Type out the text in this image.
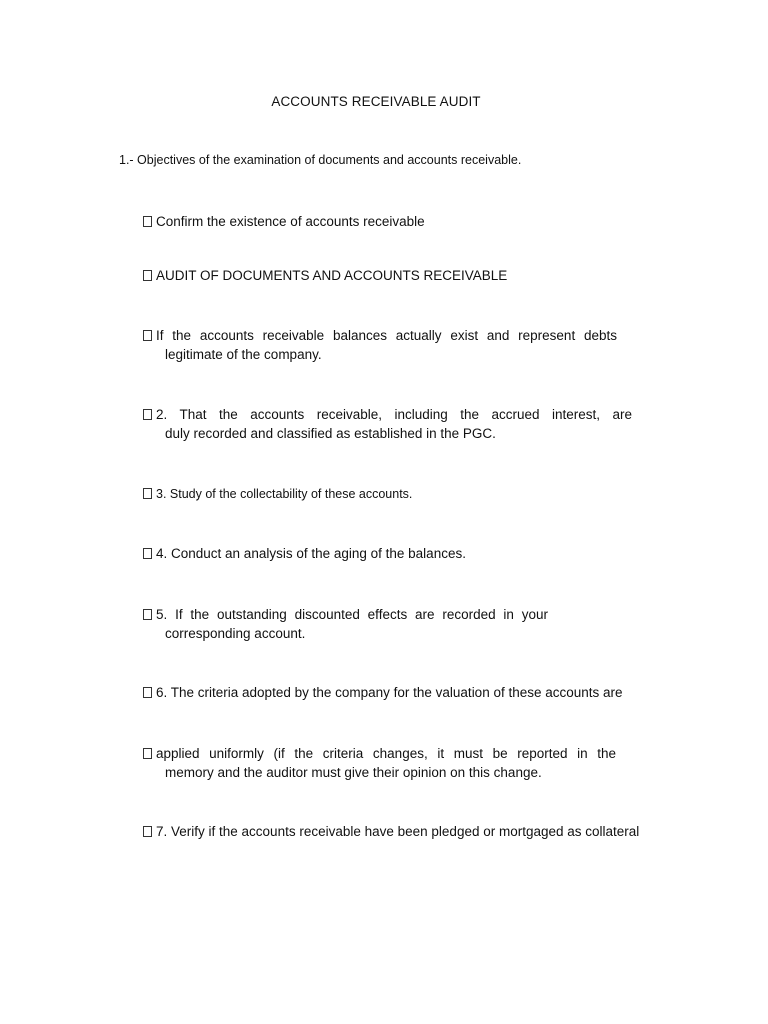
ACCOUNTS RECEIVABLE AUDIT
1.- Objectives of the examination of documents and accounts receivable.
Confirm the existence of accounts receivable
AUDIT OF DOCUMENTS AND ACCOUNTS RECEIVABLE
If the accounts receivable balances actually exist and represent debts
legitimate of the company.
2. That the accounts receivable, including the accrued interest, are
duly recorded and classified as established in the PGC.
3. Study of the collectability of these accounts.
4. Conduct an analysis of the aging of the balances.
5. If the outstanding discounted effects are recorded in your
corresponding account.
6. The criteria adopted by the company for the valuation of these accounts are
applied uniformly (if the criteria changes, it must be reported in the
memory and the auditor must give their opinion on this change.
7. Verify if the accounts receivable have been pledged or mortgaged as collateral
